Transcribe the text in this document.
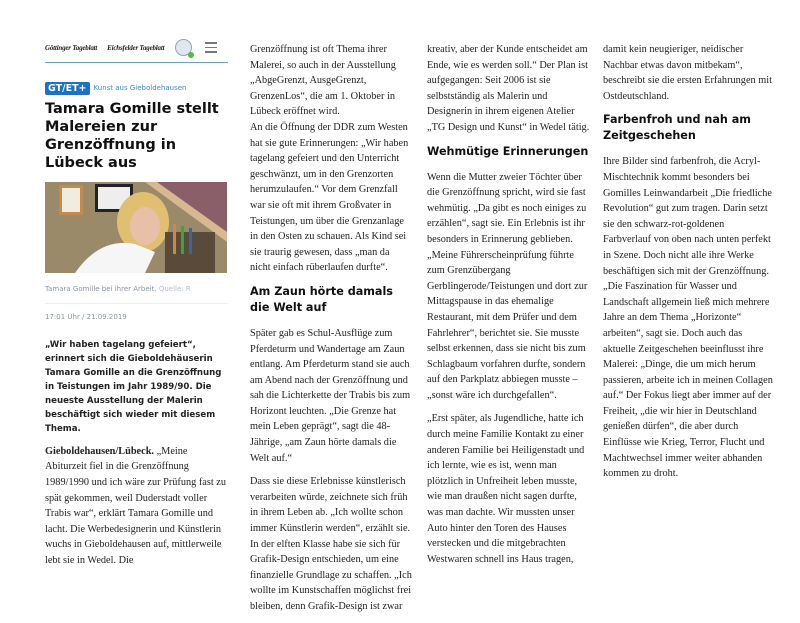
Göttinger Tageblatt Eichsfelder Tageblatt
GT/ET+	Kunst aus Gieboldehausen
Tamara Gomille stellt Malereien zur Grenzöffnung in Lübeck aus
Tamara Gomille bei ihrer Arbeit. Quelle: R
17:01 Uhr / 21.09.2019

„Wir haben tagelang gefeiert“, erinnert sich die Gieboldehäuserin Tamara Gomille an die Grenzöffnung in Teistungen im Jahr 1989/90. Die neueste Ausstellung der Malerin beschäftigt sich wieder mit diesem Thema.

Gieboldehausen/Lübeck. „Meine Abiturzeit fiel in die Grenzöffnung 1989/1990 und ich wäre zur Prüfung fast zu spät gekommen, weil Duderstadt voller Trabis war“, erklärt Tamara Gomille und lacht. Die Werbedesignerin und Künstlerin wuchs in Gieboldehausen auf, mittlerweile lebt sie in Wedel. Die

Grenzöffnung ist oft Thema ihrer Malerei, so auch in der Ausstellung „AbgeGrenzt, AusgeGrenzt, GrenzenLos“, die am 1. Oktober in Lübeck eröffnet wird.

An die Öffnung der DDR zum Westen hat sie gute Erinnerungen: „Wir haben tagelang gefeiert und den Unterricht geschwänzt, um in den Grenzorten herumzulaufen.“ Vor dem Grenzfall war sie oft mit ihrem Großvater in Teistungen, um über die Grenzanlage in den Osten zu schauen. Als Kind sei sie traurig gewesen, dass „man da nicht einfach rüberlaufen durfte“.

Am Zaun hörte damals die Welt auf

Später gab es Schul-Ausflüge zum Pferdeturm und Wandertage am Zaun entlang. Am Pferdeturm stand sie auch am Abend nach der Grenzöffnung und sah die Lichterkette der Trabis bis zum Horizont leuchten. „Die Grenze hat mein Leben geprägt“, sagt die 48-Jährige, „am Zaun hörte damals die Welt auf.“

Dass sie diese Erlebnisse künstlerisch verarbeiten würde, zeichnete sich früh in ihrem Leben ab. „Ich wollte schon immer Künstlerin werden“, erzählt sie. In der elften Klasse habe sie sich für Grafik-Design entschieden, um eine finanzielle Grundlage zu schaffen. „Ich wollte im Kunstschaffen möglichst frei bleiben, denn Grafik-Design ist zwar

kreativ, aber der Kunde entscheidet am Ende, wie es werden soll.“ Der Plan ist aufgegangen: Seit 2006 ist sie selbstständig als Malerin und Designerin in ihrem eigenen Atelier „TG Design und Kunst“ in Wedel tätig.

Wehmütige Erinnerungen

Wenn die Mutter zweier Töchter über die Grenzöffnung spricht, wird sie fast wehmütig. „Da gibt es noch einiges zu erzählen“, sagt sie. Ein Erlebnis ist ihr besonders in Erinnerung geblieben. „Meine Führerscheinprüfung führte zum Grenzübergang Gerblingerode/Teistungen und dort zur Mittagspause in das ehemalige Restaurant, mit dem Prüfer und dem Fahrlehrer“, berichtet sie. Sie musste selbst erkennen, dass sie nicht bis zum Schlagbaum vorfahren durfte, sondern auf den Parkplatz abbiegen musste – „sonst wäre ich durchgefallen“.

„Erst später, als Jugendliche, hatte ich durch meine Familie Kontakt zu einer anderen Familie bei Heiligenstadt und ich lernte, wie es ist, wenn man plötzlich in Unfreiheit leben musste, wie man draußen nicht sagen durfte, was man dachte. Wir mussten unser Auto hinter den Toren des Hauses verstecken und die mitgebrachten Westwaren schnell ins Haus tragen,

damit kein neugieriger, neidischer Nachbar etwas davon mitbekam“, beschreibt sie die ersten Erfahrungen mit Ostdeutschland.

Farbenfroh und nah am Zeitgeschehen

Ihre Bilder sind farbenfroh, die Acryl-Mischtechnik kommt besonders bei Gomilles Leinwandarbeit „Die friedliche Revolution“ gut zum tragen. Darin setzt sie den schwarz-rot-goldenen Farbverlauf von oben nach unten perfekt in Szene. Doch nicht alle ihre Werke beschäftigen sich mit der Grenzöffnung. „Die Faszination für Wasser und Landschaft allgemein ließ mich mehrere Jahre an dem Thema „Horizonte“ arbeiten“, sagt sie. Doch auch das aktuelle Zeitgeschehen beeinflusst ihre Malerei: „Dinge, die um mich herum passieren, arbeite ich in meinen Collagen auf.“ Der Fokus liegt aber immer auf der Freiheit, „die wir hier in Deutschland genießen dürfen“, die aber durch Einflüsse wie Krieg, Terror, Flucht und Machtwechsel immer weiter abhanden kommen zu droht.
